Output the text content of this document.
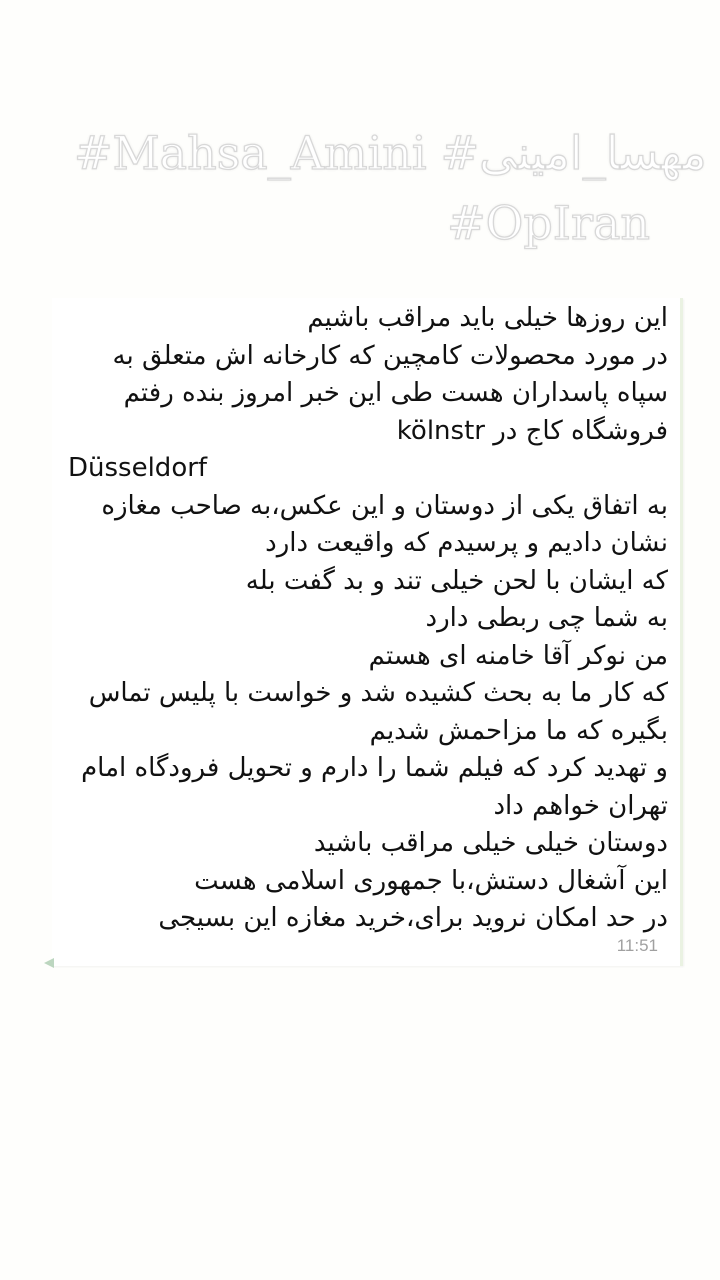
#Mahsa_Amini #مهسا_امینی
#OpIran
این روزها خیلی باید مراقب باشیم
در مورد محصولات کامچین که کارخانه اش متعلق به
سپاه پاسداران هست طی این خبر امروز بنده رفتم
فروشگاه کاج در kölnstr
Düsseldorf
به اتفاق یکی از دوستان و این عکس،به صاحب مغازه
نشان دادیم و پرسیدم که واقیعت دارد
که ایشان با لحن خیلی تند و بد گفت بله
به شما چی ربطی دارد
من نوکر آقا خامنه ای هستم
که کار ما به بحث کشیده شد و خواست با پلیس تماس
بگیره که ما مزاحمش شدیم
و تهدید کرد که فیلم شما را دارم و تحویل فرودگاه امام
تهران خواهم داد
دوستان خیلی خیلی مراقب باشید
این آشغال دستش،با جمهوری اسلامی هست
در حد امکان نروید برای،خرید مغازه این بسیجی
11:51
